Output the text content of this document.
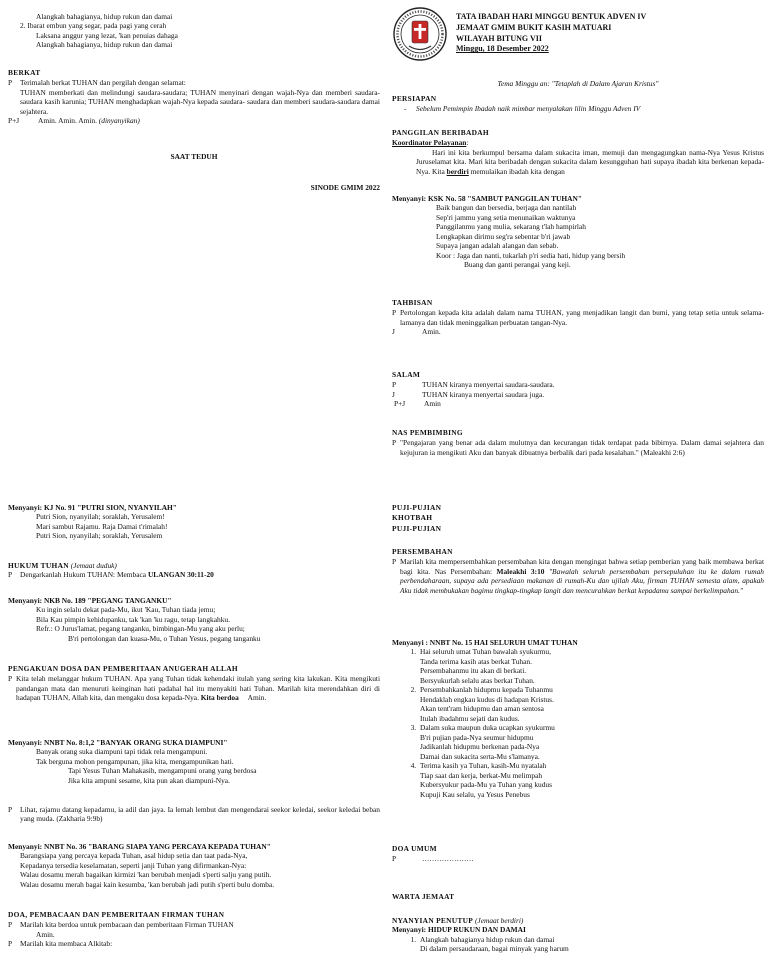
Alangkah bahagianya, hidup rukun dan damai

2. Ibarat embun yang segar, pada pagi yang cerah

Laksana anggur yang lezat, 'kan penuias dahaga

Alangkah bahagianya, hidup rukun dan damai

BERKAT

P	Terimalah berkat TUHAN dan pergilah dengan selamat:

TUHAN memberkati dan melindungi saudara-saudara; TUHAN menyinari dengan wajah-Nya dan memberi saudara-saudara kasih karunia; TUHAN menghadapkan wajah-Nya kepada saudara- saudara dan memberi saudara-saudara damai sejahtera.

P+J	Amin. Amin. Amin.
(dinyanyikan)

SAAT TEDUH

SINODE GMIM 2022

Menyanyi: KJ No. 91 "PUTRI SION, NYANYILAH"

Putri Sion, nyanyilah; soraklah, Yerusalem!

Mari sambut Rajamu. Raja Damai t'rimalah!

Putri Sion, nyanyilah; soraklah, Yerusalem

HUKUM TUHAN (Jemaat duduk)

P	Dengarkanlah Hukum TUHAN: Membaca
ULANGAN 30:11-20

Menyanyi: NKB No. 189 "PEGANG TANGANKU"

Ku ingin selalu dekat pada-Mu, ikut 'Kau, Tuhan tiada jemu;

Bila Kau pimpin kehidupanku, tak 'kan 'ku ragu, tetap langkahku.

Refr.: O Jurus'lamat, pegang tanganku, bimbingan-Mu yang aku perlu;

B'ri pertolongan dan kuasa-Mu, o Tuhan Yesus, pegang tanganku

PENGAKUAN DOSA DAN PEMBERITAAN ANUGERAH ALLAH

P Kita telah melanggar hukum TUHAN. Apa yang Tuhan tidak kehendaki itulah yang sering kita lakukan. Kita mengikuti pandangan mata dan menuruti keinginan hati padahal hal itu menyakiti hati Tuhan. Marilah kita merendahkan diri di hadapan TUHAN, Allah kita, dan mengaku dosa kepada-Nya. Kita berdoa Amin.

Menyanyi: NNBT No. 8:1,2 "BANYAK ORANG SUKA DIAMPUNI"

Banyak orang suka diampuni tapi tidak rela mengampuni.

Tak berguna mohon pengampunan, jika kita, mengampunikan hati.

Tapi Yesus Tuhan Mahakasih, mengampuni orang yang berdosa

Jika kita ampuni sesame, kita pun akan diampuni-Nya.

P	Lihat, rajamu datang kepadamu, ia adil dan jaya. Ia lemah lembut dan mengendarai seekor keledai, seekor keledai beban yang muda. (Zakharia 9:9b)

Menyanyi: NNBT No. 36 "BARANG SIAPA YANG PERCAYA KEPADA TUHAN"

Barangsiapa yang percaya kepada Tuhan, asal hidup setia dan taat pada-Nya,

Kepadanya tersedia keselamatan, seperti janji Tuhan yang difirmankan-Nya:

Walau dosamu merah bagaikan kirmizi 'kan berubah menjadi s'perti salju yang putih.

Walau dosamu merah bagai kain kesumba, 'kan berubah jadi putih s'perti bulu domba.

DOA, PEMBACAAN DAN PEMBERITAAN FIRMAN TUHAN

P	Marilah kita berdoa untuk pembacaan dan pemberitaan Firman TUHAN

Amin.

P	Marilah kita membaca Alkitab:

TATA IBADAH HARI MINGGU BENTUK ADVEN IV

JEMAAT GMIM BUKIT KASIH MATUARI

WILAYAH BITUNG VII

Minggu, 18 Desember 2022

Tema Minggu an: "Tetaplah di Dalam Ajaran Kristus"

PERSIAPAN

-	Sebelum Pemimpin Ibadah naik mimbar menyalakan lilin Minggu Adven IV

PANGGILAN BERIBADAH

Koordinator Pelayanan:

Hari ini kita berkumpul bersama dalam sukacita iman, memuji dan mengagungkan nama-Nya Yesus Kristus Juruselamat kita. Mari kita beribadah dengan sukacita dalam kesungguhan hati supaya ibadah kita berkenan kepada-Nya. Kita berdiri memulaikan ibadah kita dengan

Menyanyi: KSK No. 58 "SAMBUT PANGGILAN TUHAN"

Baik bangun dan bersedia, berjaga dan nantilah

Sep'ri jammu yang setia menunaikan waktunya

Panggilanmu yang mulia, sekarang t'lah hampirlah

Lengkapkan dirimu seg'ra sebentar b'ri jawab

Supaya jangan adalah alangan dan sebab.

Koor : Jaga dan nanti, tukarlah p'ri sedia hati, hidup yang bersih

Buang dan ganti perangai yang keji.

TAHBISAN

P Pertolongan kepada kita adalah dalam nama TUHAN, yang menjadikan langit dan bumi, yang tetap setia untuk selama-lamanya dan tidak meninggalkan perbuatan tangan-Nya.

J	Amin.

SALAM

P	TUHAN kiranya menyertai saudara-saudara.
J	TUHAN kiranya menyertai saudara juga.
P+J	Amin

NAS PEMBIMBING

P "Pengajaran yang benar ada dalam mulutnya dan kecurangan tidak terdapat pada bibirnya. Dalam damai sejahtera dan kejujuran ia mengikuti Aku dan banyak dibuatnya berbalik dari pada kesalahan." (Maleakhi 2:6)

PUJI-PUJIAN

KHOTBAH

PUJI-PUJIAN

PERSEMBAHAN

P Marilah kita mempersembahkan persembahan kita dengan mengingat bahwa setiap pemberian yang baik membawa berkat bagi kita. Nas Persembahan: Maleakhi 3:10 "Bawalah seluruh persembahan persepuluhan itu ke dalam rumah perbendaharaan, supaya ada persediaan makanan di rumah-Ku dan ujilah Aku, firman TUHAN semesta alam, apakah Aku tidak membukakan bagimu tingkap-tingkap langit dan mencurahkan berkat kepadamu sampai berkelimpahan."

Menyanyi : NNBT No. 15 HAI SELURUH UMAT TUHAN

1. Hai seluruh umat Tuhan bawalah syukurmu,

Tanda terima kasih atas berkat Tuhan.

Persembahanmu itu akan di berkati.

Bersyukurlah selalu atas berkat Tuhan.

2. Persembahkanlah hidupmu kepada Tuhanmu

Hendaklah engkau kudus di hadapan Kristus.

Akan tent'ram hidupmu dan aman sentosa

Itulah ibadahmu sejati dan kudus.

3. Dalam suka maupun duka ucapkan syukurmu

B'ri pujian pada-Nya seumur hidupmu

Jadikanlah hidupmu berkenan pada-Nya

Damai dan sukacita serta-Mu s'lamanya.

4. Terima kasih ya Tuhan, kasih-Mu nyatalah

Tiap saat dan kerja, berkat-Mu melimpah

Kubersyukur pada-Mu ya Tuhan yang kudus

Kupuji Kau selalu, ya Yesus Penebus

DOA UMUM

P	…………………

WARTA JEMAAT

NYANYIAN PENUTUP (Jemaat berdiri)

Menyanyi: HIDUP RUKUN DAN DAMAI

1. Alangkah bahagianya hidup rukun dan damai

Di dalam persaudaraan, bagai minyak yang harum
